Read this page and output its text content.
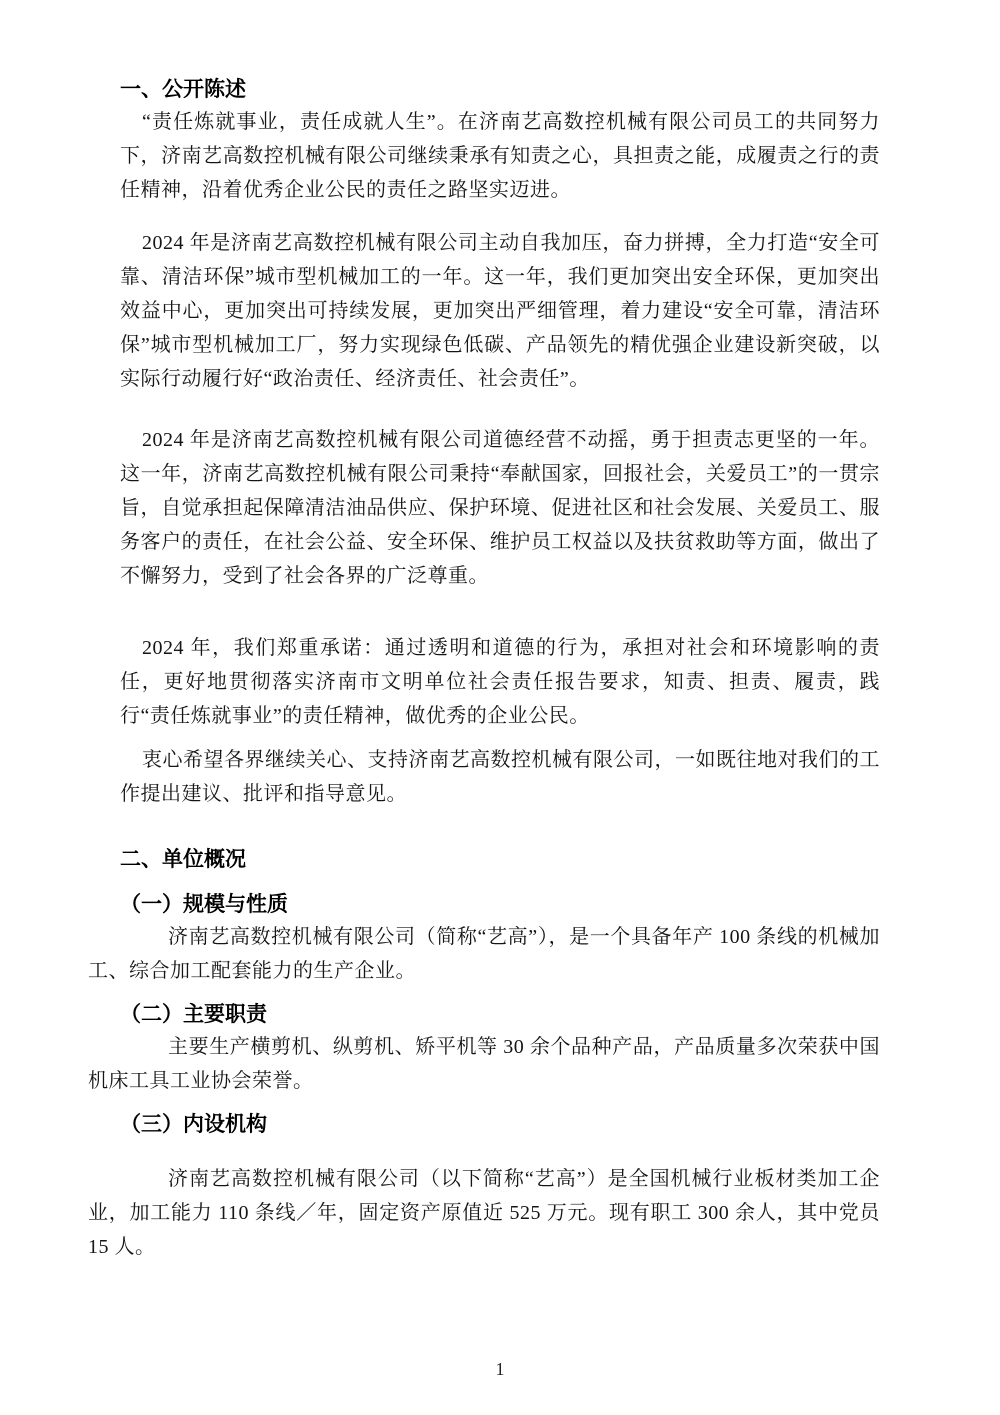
一、公开陈述

“责任炼就事业，责任成就人生”。在济南艺高数控机械有限公司员工的共同努力下，济南艺高数控机械有限公司继续秉承有知责之心，具担责之能，成履责之行的责任精神，沿着优秀企业公民的责任之路坚实迈进。

2024 年是济南艺高数控机械有限公司主动自我加压，奋力拼搏，全力打造“安全可靠、清洁环保”城市型机械加工的一年。这一年，我们更加突出安全环保，更加突出效益中心，更加突出可持续发展，更加突出严细管理，着力建设“安全可靠，清洁环保”城市型机械加工厂，努力实现绿色低碳、产品领先的精优强企业建设新突破，以实际行动履行好“政治责任、经济责任、社会责任”。

2024 年是济南艺高数控机械有限公司道德经营不动摇，勇于担责志更坚的一年。这一年，济南艺高数控机械有限公司秉持“奉献国家，回报社会，关爱员工”的一贯宗旨，自觉承担起保障清洁油品供应、保护环境、促进社区和社会发展、关爱员工、服务客户的责任，在社会公益、安全环保、维护员工权益以及扶贫救助等方面，做出了不懈努力，受到了社会各界的广泛尊重。

2024 年，我们郑重承诺：通过透明和道德的行为，承担对社会和环境影响的责任，更好地贯彻落实济南市文明单位社会责任报告要求，知责、担责、履责，践行“责任炼就事业”的责任精神，做优秀的企业公民。

衷心希望各界继续关心、支持济南艺高数控机械有限公司，一如既往地对我们的工作提出建议、批评和指导意见。

二、单位概况
（一）规模与性质

济南艺高数控机械有限公司（简称“艺高”），是一个具备年产 100 条线的机械加工、综合加工配套能力的生产企业。

（二）主要职责

主要生产横剪机、纵剪机、矫平机等 30 余个品种产品，产品质量多次荣获中国机床工具工业协会荣誉。

（三）内设机构

济南艺高数控机械有限公司（以下简称“艺高”）是全国机械行业板材类加工企业，加工能力 110 条线／年，固定资产原值近 525 万元。现有职工 300 余人，其中党员 15 人。

1
